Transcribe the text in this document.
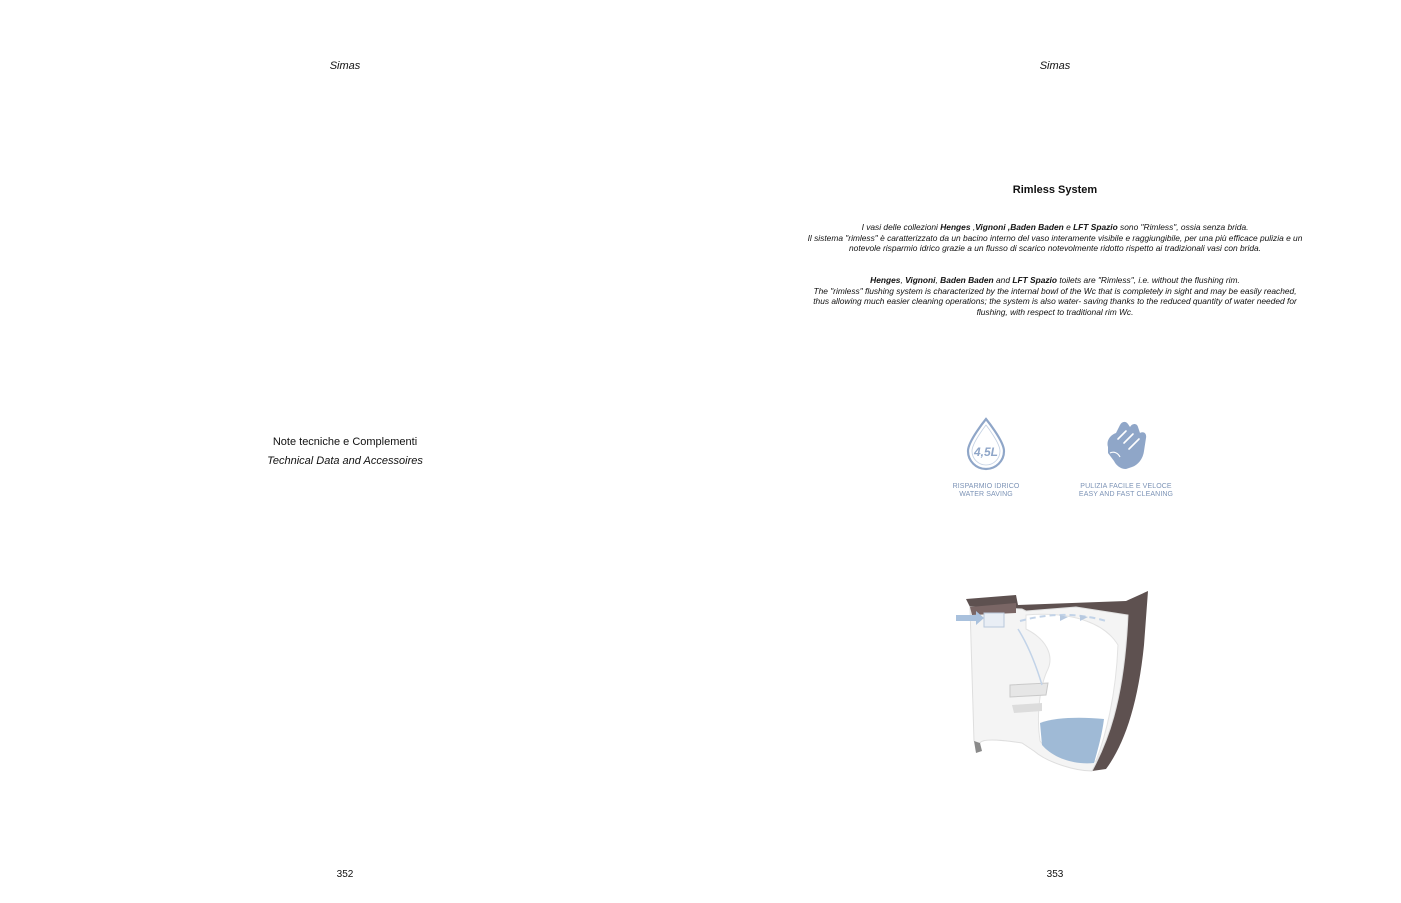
Simas

Note tecniche e Complementi

Technical Data and Accessoires

352

Simas

Rimless System

I vasi delle collezioni Henges ,Vignoni ,Baden Baden e LFT Spazio sono "Rimless", ossia senza brida.
Il sistema "rimless" è caratterizzato da un bacino interno del vaso interamente visibile e raggiungibile, per una più efficace pulizia e un notevole risparmio idrico grazie a un flusso di scarico notevolmente ridotto rispetto ai tradizionali vasi con brida.

Henges, Vignoni, Baden Baden and LFT Spazio toilets are "Rimless", i.e. without the flushing rim.
The "rimless" flushing system is characterized by the internal bowl of the Wc that is completely in sight and may be easily reached, thus allowing much easier cleaning operations; the system is also water- saving thanks to the reduced quantity of water needed for flushing, with respect to traditional rim Wc.

4,5L
RISPARMIO IDRICO
WATER SAVING
PULIZIA FACILE E VELOCE
EASY AND FAST CLEANING

353
